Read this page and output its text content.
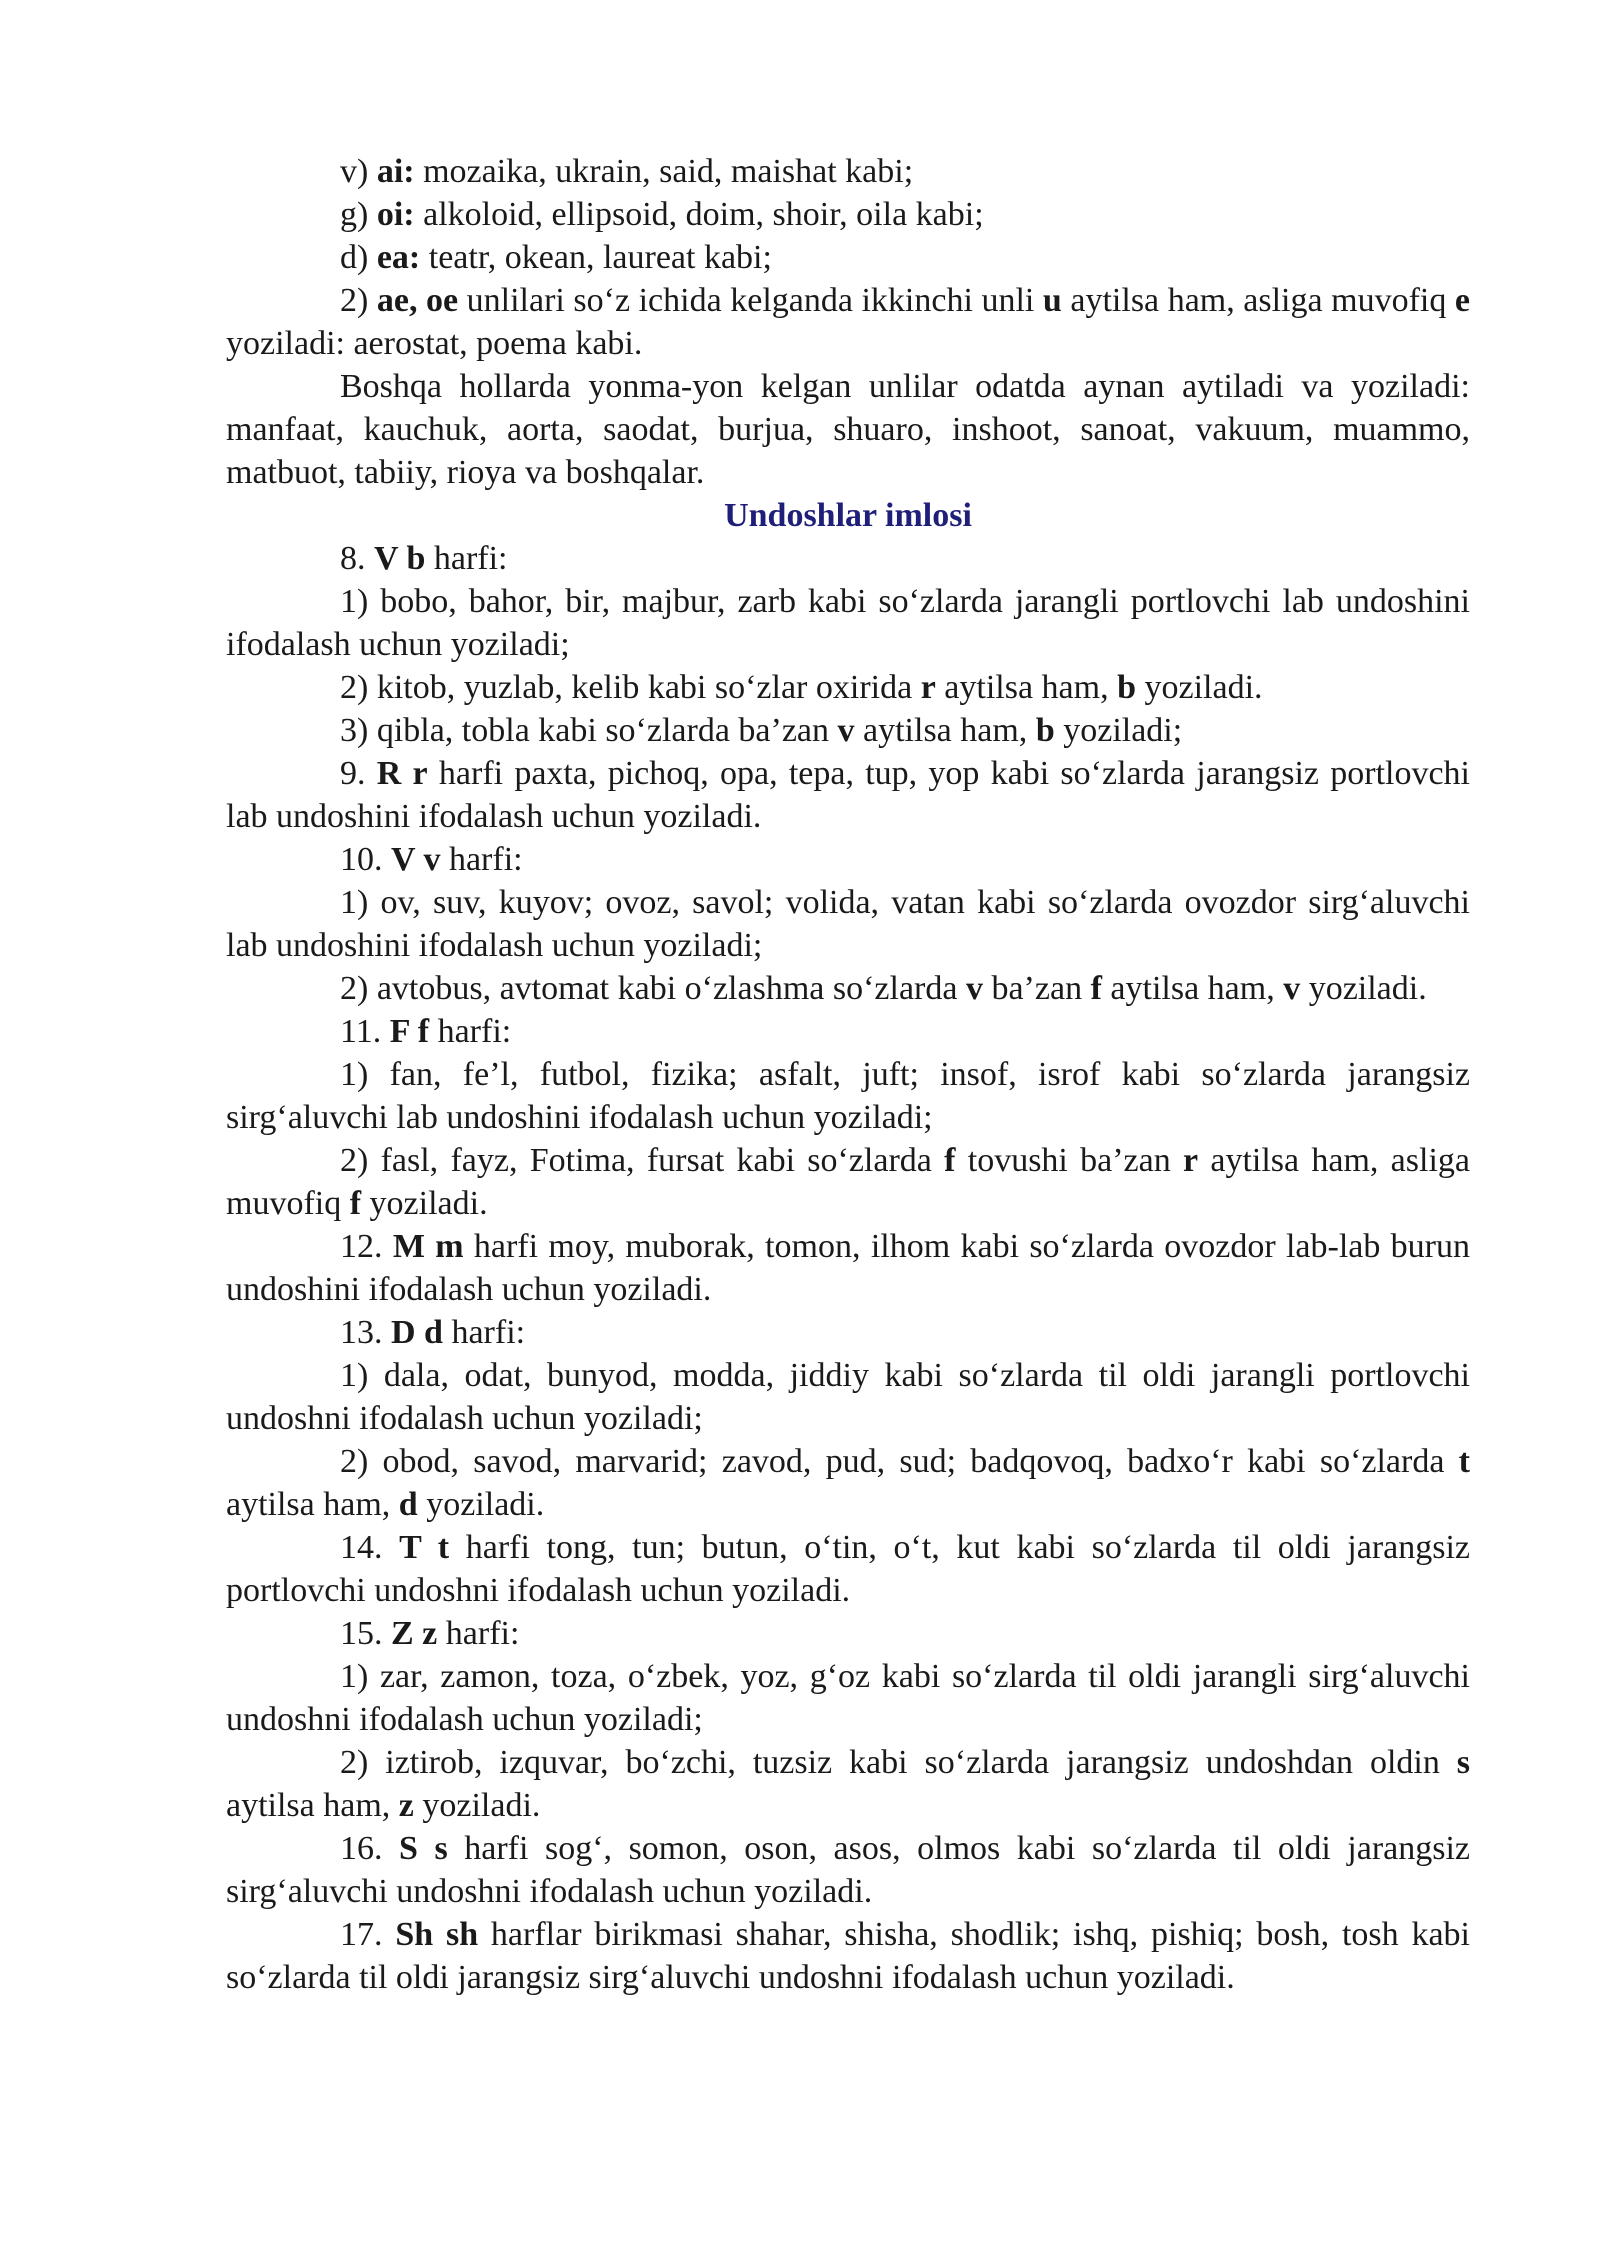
v) ai: mozaika, ukrain, said, maishat kabi;

g) oi: alkoloid, ellipsoid, doim, shoir, oila kabi;

d) ea: teatr, okean, laureat kabi;

2) ae, oe unlilari so‘z ichida kelganda ikkinchi unli u aytilsa ham, asliga muvofiq e yoziladi: aerostat, poema kabi.

Boshqa hollarda yonma-yon kelgan unlilar odatda aynan aytiladi va yoziladi: manfaat, kauchuk, aorta, saodat, burjua, shuaro, inshoot, sanoat, vakuum, muammo, matbuot, tabiiy, rioya va boshqalar.

Undoshlar imlosi

8. V b harfi:

1) bobo, bahor, bir, majbur, zarb kabi so‘zlarda jarangli portlovchi lab undoshini ifodalash uchun yoziladi;

2) kitob, yuzlab, kelib kabi so‘zlar oxirida r aytilsa ham, b yoziladi.

3) qibla, tobla kabi so‘zlarda ba’zan v aytilsa ham, b yoziladi;

9. R r harfi paxta, pichoq, opa, tepa, tup, yop kabi so‘zlarda jarangsiz portlovchi lab undoshini ifodalash uchun yoziladi.

10. V v harfi:

1) ov, suv, kuyov; ovoz, savol; volida, vatan kabi so‘zlarda ovozdor sirg‘aluvchi lab undoshini ifodalash uchun yoziladi;

2) avtobus, avtomat kabi o‘zlashma so‘zlarda v ba’zan f aytilsa ham, v yoziladi.

11. F f harfi:

1) fan, fe’l, futbol, fizika; asfalt, juft; insof, isrof kabi so‘zlarda jarangsiz sirg‘aluvchi lab undoshini ifodalash uchun yoziladi;

2) fasl, fayz, Fotima, fursat kabi so‘zlarda f tovushi ba’zan r aytilsa ham, asliga muvofiq f yoziladi.

12. M m harfi moy, muborak, tomon, ilhom kabi so‘zlarda ovozdor lab-lab burun undoshini ifodalash uchun yoziladi.

13. D d harfi:

1) dala, odat, bunyod, modda, jiddiy kabi so‘zlarda til oldi jarangli portlovchi undoshni ifodalash uchun yoziladi;

2) obod, savod, marvarid; zavod, pud, sud; badqovoq, badxo‘r kabi so‘zlarda t aytilsa ham, d yoziladi.

14. T t harfi tong, tun; butun, o‘tin, o‘t, kut kabi so‘zlarda til oldi jarangsiz portlovchi undoshni ifodalash uchun yoziladi.

15. Z z harfi:

1) zar, zamon, toza, o‘zbek, yoz, g‘oz kabi so‘zlarda til oldi jarangli sirg‘aluvchi undoshni ifodalash uchun yoziladi;

2) iztirob, izquvar, bo‘zchi, tuzsiz kabi so‘zlarda jarangsiz undoshdan oldin s aytilsa ham, z yoziladi.

16. S s harfi sog‘, somon, oson, asos, olmos kabi so‘zlarda til oldi jarangsiz sirg‘aluvchi undoshni ifodalash uchun yoziladi.

17. Sh sh harflar birikmasi shahar, shisha, shodlik; ishq, pishiq; bosh, tosh kabi so‘zlarda til oldi jarangsiz sirg‘aluvchi undoshni ifodalash uchun yoziladi.
